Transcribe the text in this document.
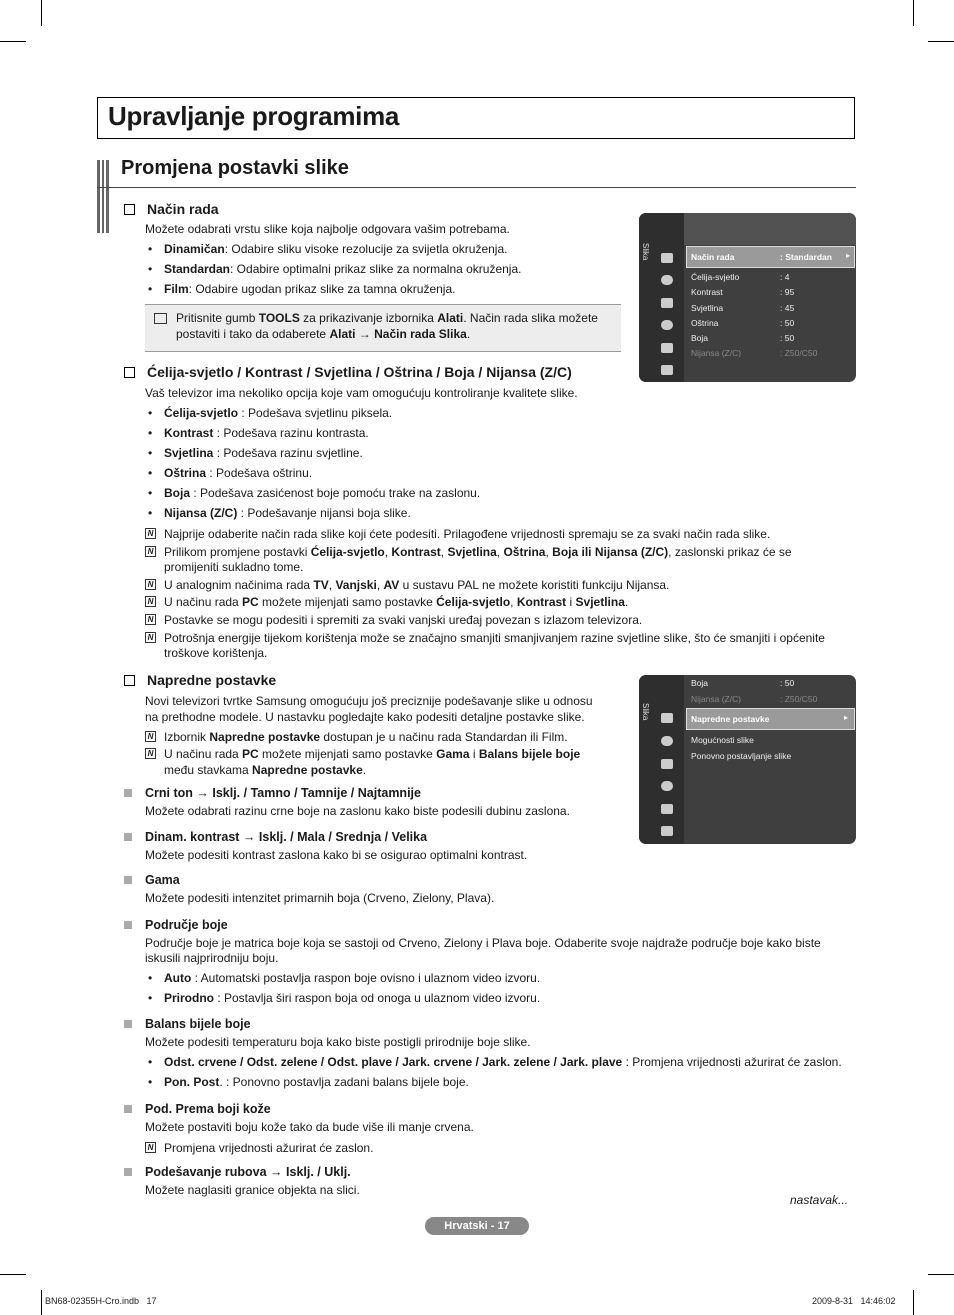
Upravljanje programima
Promjena postavki slike
Način rada
Možete odabrati vrstu slike koja najbolje odgovara vašim potrebama.
• Dinamičan: Odabire sliku visoke rezolucije za svijetla okruženja.
• Standardan: Odabire optimalni prikaz slike za normalna okruženja.
• Film: Odabire ugodan prikaz slike za tamna okruženja.
Pritisnite gumb TOOLS za prikazivanje izbornika Alati. Način rada slika možete
postaviti i tako da odaberete Alati → Način rada Slika.
Slika	Način rada	: Standardan ▸
Ćelija-svjetlo	: 4
Kontrast	: 95
Svjetlina	: 45
Oštrina	: 50
Boja	: 50
Nijansa (Z/C)	: Z50/C50
Ćelija-svjetlo / Kontrast / Svjetlina / Oštrina / Boja / Nijansa (Z/C)
Vaš televizor ima nekoliko opcija koje vam omogućuju kontroliranje kvalitete slike.
• Ćelija-svjetlo : Podešava svjetlinu piksela.
• Kontrast : Podešava razinu kontrasta.
• Svjetlina : Podešava razinu svjetline.
• Oštrina : Podešava oštrinu.
• Boja : Podešava zasićenost boje pomoću trake na zaslonu.
• Nijansa (Z/C) : Podešavanje nijansi boja slike.
N Najprije odaberite način rada slike koji ćete podesiti. Prilagođene vrijednosti spremaju se za svaki način rada slike.
N Prilikom promjene postavki Ćelija-svjetlo, Kontrast, Svjetlina, Oštrina, Boja ili Nijansa (Z/C), zaslonski prikaz će se
promijeniti sukladno tome.
N U analognim načinima rada TV, Vanjski, AV u sustavu PAL ne možete koristiti funkciju Nijansa.
N U načinu rada PC možete mijenjati samo postavke Ćelija-svjetlo, Kontrast i Svjetlina.
N Postavke se mogu podesiti i spremiti za svaki vanjski uređaj povezan s izlazom televizora.
N Potrošnja energije tijekom korištenja može se značajno smanjiti smanjivanjem razine svjetline slike, što će smanjiti i općenite
troškove korištenja.
Napredne postavke
Novi televizori tvrtke Samsung omogućuju još preciznije podešavanje slike u odnosu
na prethodne modele. U nastavku pogledajte kako podesiti detaljne postavke slike.
N Izbornik Napredne postavke dostupan je u načinu rada Standardan ili Film.
N U načinu rada PC možete mijenjati samo postavke Gama i Balans bijele boje
među stavkama Napredne postavke.
Slika
Boja	: 50
Nijansa (Z/C)	: Z50/C50
Napredne postavke	▸
Mogućnosti slike
Ponovno postavljanje slike
Crni ton → Isklj. / Tamno / Tamnije / Najtamnije
Možete odabrati razinu crne boje na zaslonu kako biste podesili dubinu zaslona.
Dinam. kontrast → Isklj. / Mala / Srednja / Velika
Možete podesiti kontrast zaslona kako bi se osigurao optimalni kontrast.
Gama
Možete podesiti intenzitet primarnih boja (Crveno, Zielony, Plava).
Područje boje
Područje boje je matrica boje koja se sastoji od Crveno, Zielony i Plava boje. Odaberite svoje najdraže područje boje kako biste
iskusili najprirodniju boju.
• Auto : Automatski postavlja raspon boje ovisno i ulaznom video izvoru.
• Prirodno : Postavlja širi raspon boja od onoga u ulaznom video izvoru.
Balans bijele boje
Možete podesiti temperaturu boja kako biste postigli prirodnije boje slike.
• Odst. crvene / Odst. zelene / Odst. plave / Jark. crvene / Jark. zelene / Jark. plave : Promjena vrijednosti ažurirat će zaslon.
• Pon. Post. : Ponovno postavlja zadani balans bijele boje.
Pod. Prema boji kože
Možete postaviti boju kože tako da bude više ili manje crvena.
N Promjena vrijednosti ažurirat će zaslon.
Podešavanje rubova → Isklj. / Uklj.
Možete naglasiti granice objekta na slici.
nastavak...
Hrvatski - 17
BN68-02355H-Cro.indb   17	2009-8-31   14:46:02
